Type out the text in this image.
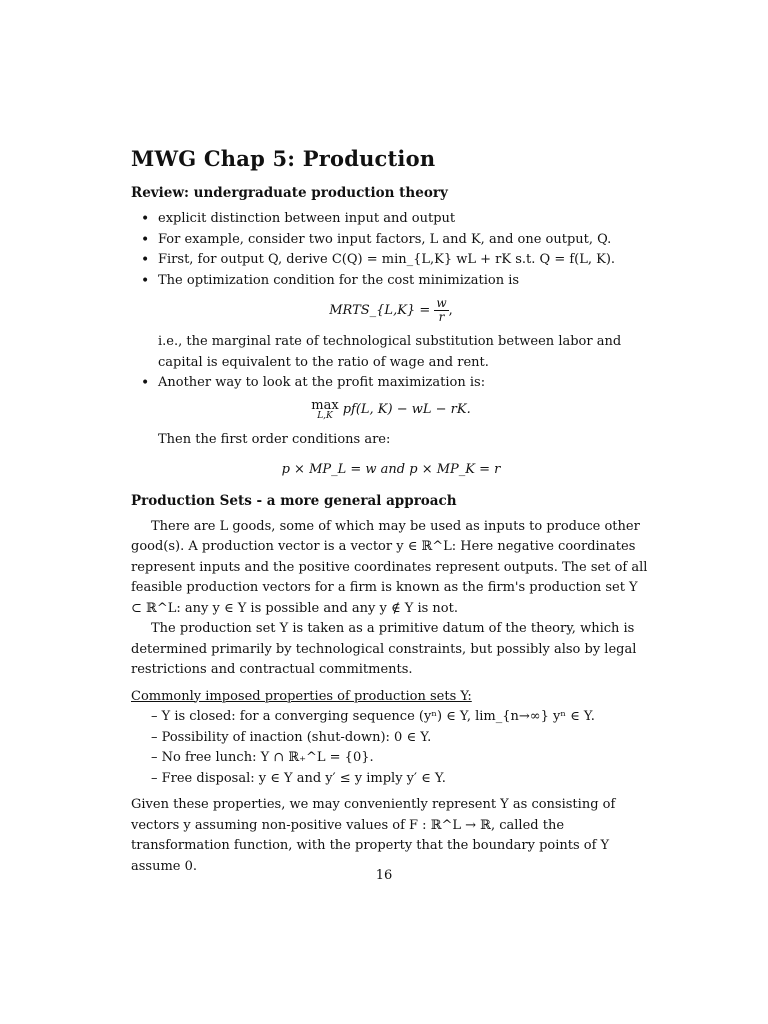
MWG Chap 5: Production
Review: undergraduate production theory
• explicit distinction between input and output
• For example, consider two input factors, L and K, and one output, Q.
• First, for output Q, derive C(Q) = min_{L,K} wL + rK s.t. Q = f(L, K).
• The optimization condition for the cost minimization is
MRTS_{L,K} = $\frac{w}{r}$ ,
i.e., the marginal rate of technological substitution between labor and capital is equivalent to the ratio of wage and rent.
• Another way to look at the profit maximization is:
max
L,K pf(L, K) − wL − rK.
Then the first order conditions are:
p × MP_L = w and p × MP_K = r
Production Sets - a more general approach

There are L goods, some of which may be used as inputs to produce other good(s). A production vector is a vector y ∈ ℝ^L: Here negative coordinates represent inputs and the positive coordinates represent outputs. The set of all feasible production vectors for a firm is known as the firm's production set Y ⊂ ℝ^L: any y ∈ Y is possible and any y ∉ Y is not.

The production set Y is taken as a primitive datum of the theory, which is determined primarily by technological constraints, but possibly also by legal restrictions and contractual commitments.

Commonly imposed properties of production sets Y:
– Y is closed: for a converging sequence (yⁿ) ∈ Y, lim_{n→∞} yⁿ ∈ Y.
– Possibility of inaction (shut-down): 0 ∈ Y.
– No free lunch: Y ∩ ℝ₊^L = {0}.
– Free disposal: y ∈ Y and y′ ≤ y imply y′ ∈ Y.

Given these properties, we may conveniently represent Y as consisting of vectors y assuming non-positive values of F : ℝ^L → ℝ, called the transformation function, with the property that the boundary points of Y assume 0.

16
